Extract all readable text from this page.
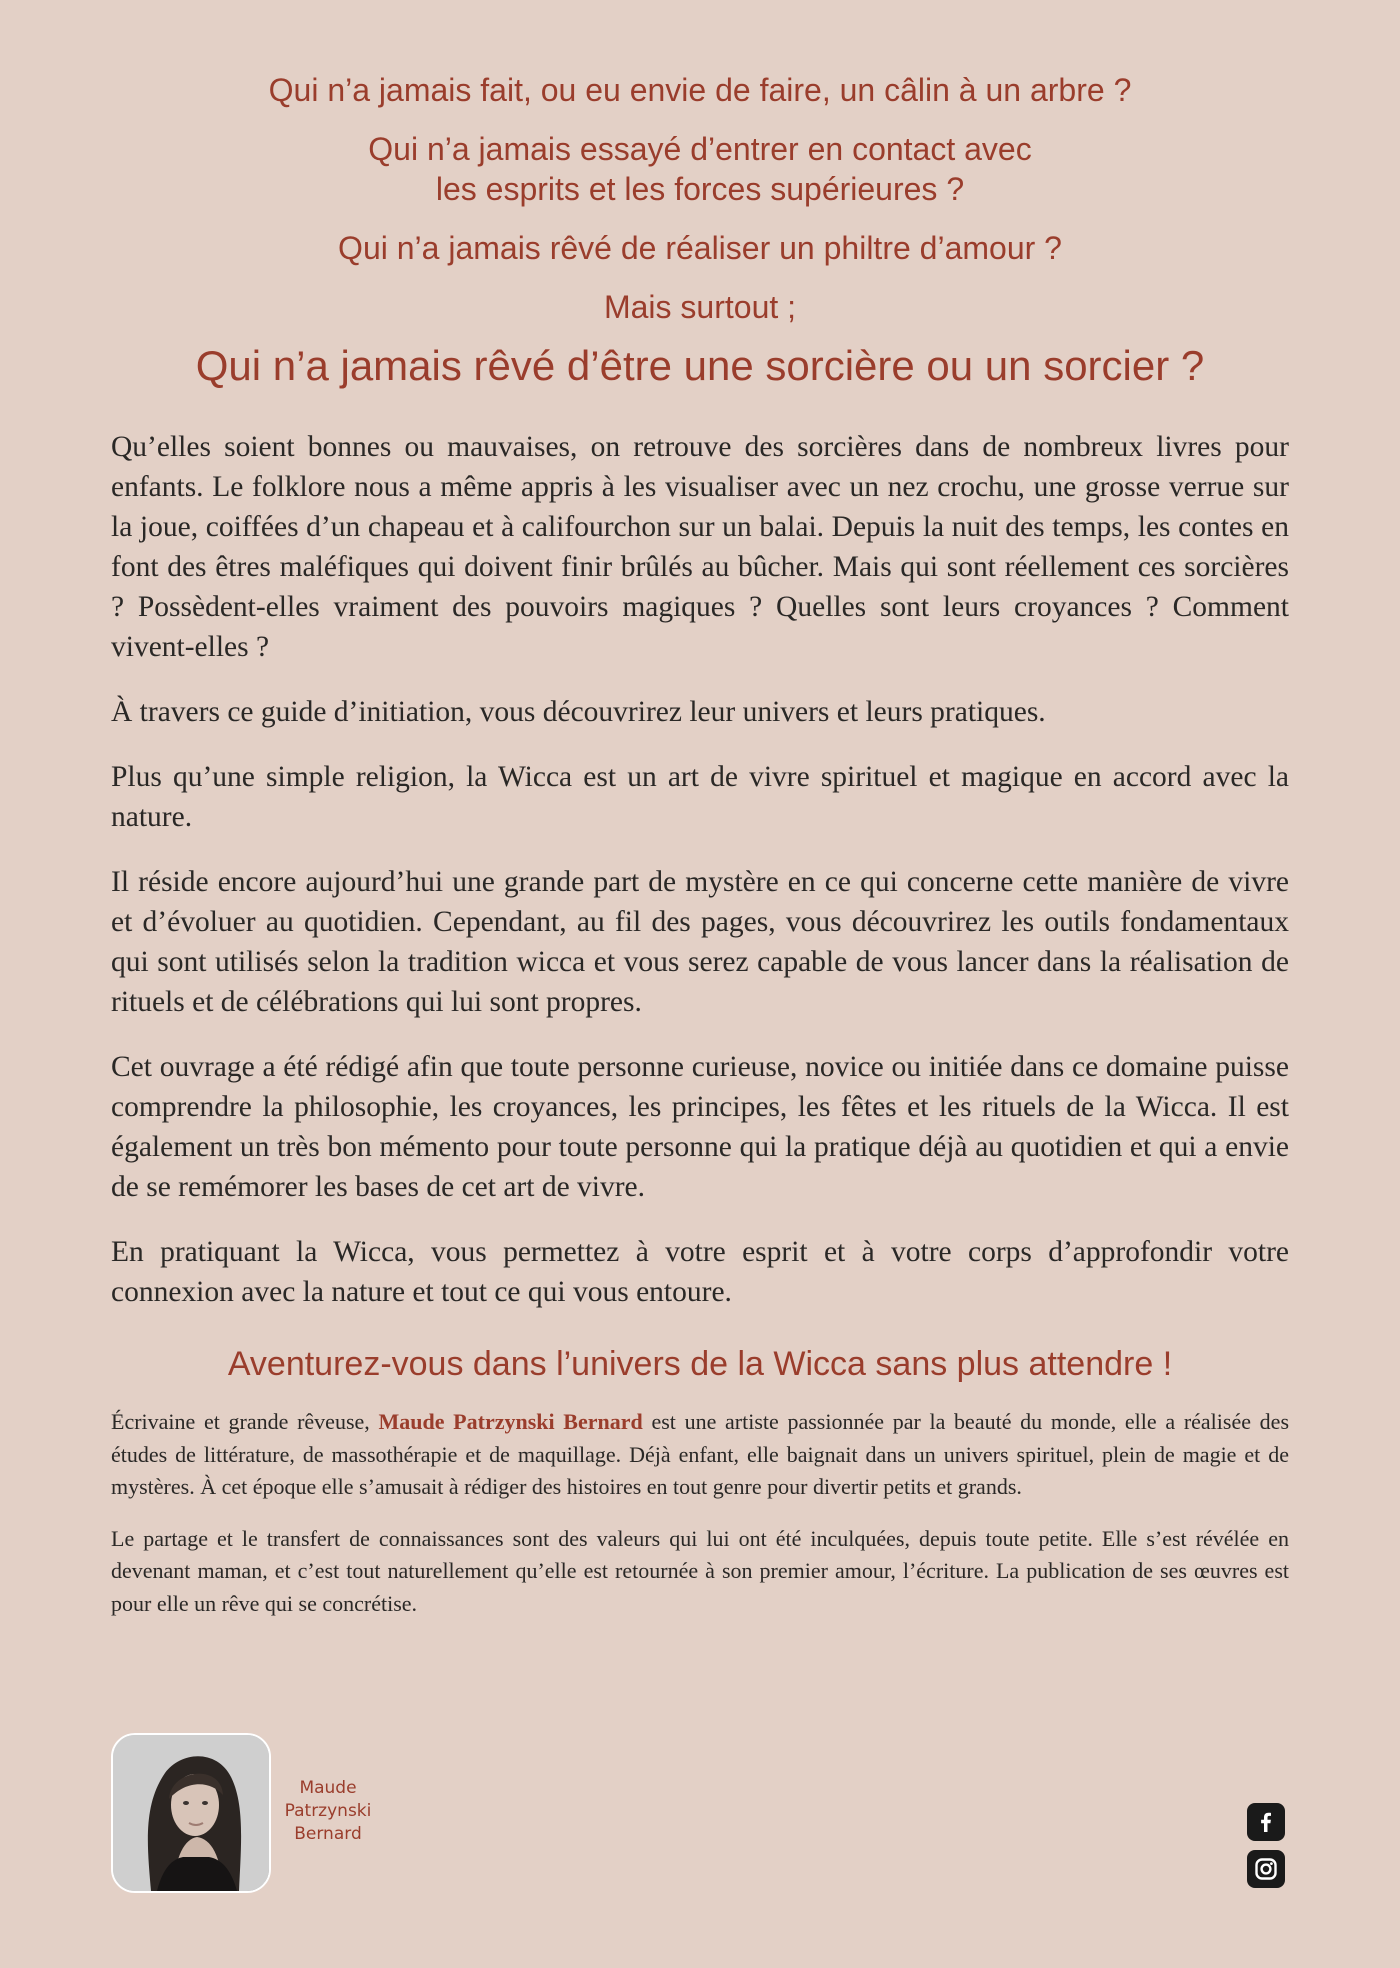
Qui n’a jamais fait, ou eu envie de faire, un câlin à un arbre ?

Qui n’a jamais essayé d’entrer en contact avec
les esprits et les forces supérieures ?

Qui n’a jamais rêvé de réaliser un philtre d’amour ?

Mais surtout ;

Qui n’a jamais rêvé d’être une sorcière ou un sorcier ?

Qu’elles soient bonnes ou mauvaises, on retrouve des sorcières dans de nombreux livres pour enfants. Le folklore nous a même appris à les visualiser avec un nez crochu, une grosse verrue sur la joue, coiffées d’un chapeau et à califourchon sur un balai. Depuis la nuit des temps, les contes en font des êtres maléfiques qui doivent finir brûlés au bûcher. Mais qui sont réellement ces sorcières ? Possèdent-elles vraiment des pouvoirs magiques ? Quelles sont leurs croyances ? Comment vivent-elles ?

À travers ce guide d’initiation, vous découvrirez leur univers et leurs pratiques.

Plus qu’une simple religion, la Wicca est un art de vivre spirituel et magique en accord avec la nature.

Il réside encore aujourd’hui une grande part de mystère en ce qui concerne cette manière de vivre et d’évoluer au quotidien. Cependant, au fil des pages, vous découvrirez les outils fondamentaux qui sont utilisés selon la tradition wicca et vous serez capable de vous lancer dans la réalisation de rituels et de célébrations qui lui sont propres.

Cet ouvrage a été rédigé afin que toute personne curieuse, novice ou initiée dans ce domaine puisse comprendre la philosophie, les croyances, les principes, les fêtes et les rituels de la Wicca. Il est également un très bon mémento pour toute personne qui la pratique déjà au quotidien et qui a envie de se remémorer les bases de cet art de vivre.

En pratiquant la Wicca, vous permettez à votre esprit et à votre corps d’approfondir votre connexion avec la nature et tout ce qui vous entoure.

Aventurez-vous dans l’univers de la Wicca sans plus attendre !

Écrivaine et grande rêveuse, Maude Patrzynski Bernard est une artiste passionnée par la beauté du monde, elle a réalisée des études de littérature, de massothérapie et de maquillage. Déjà enfant, elle baignait dans un univers spirituel, plein de magie et de mystères. À cet époque elle s’amusait à rédiger des histoires en tout genre pour divertir petits et grands.

Le partage et le transfert de connaissances sont des valeurs qui lui ont été inculquées, depuis toute petite. Elle s’est révélée en devenant maman, et c’est tout naturellement qu’elle est retournée à son premier amour, l’écriture. La publication de ses œuvres est pour elle un rêve qui se concrétise.

Maude
Patrzynski
Bernard
